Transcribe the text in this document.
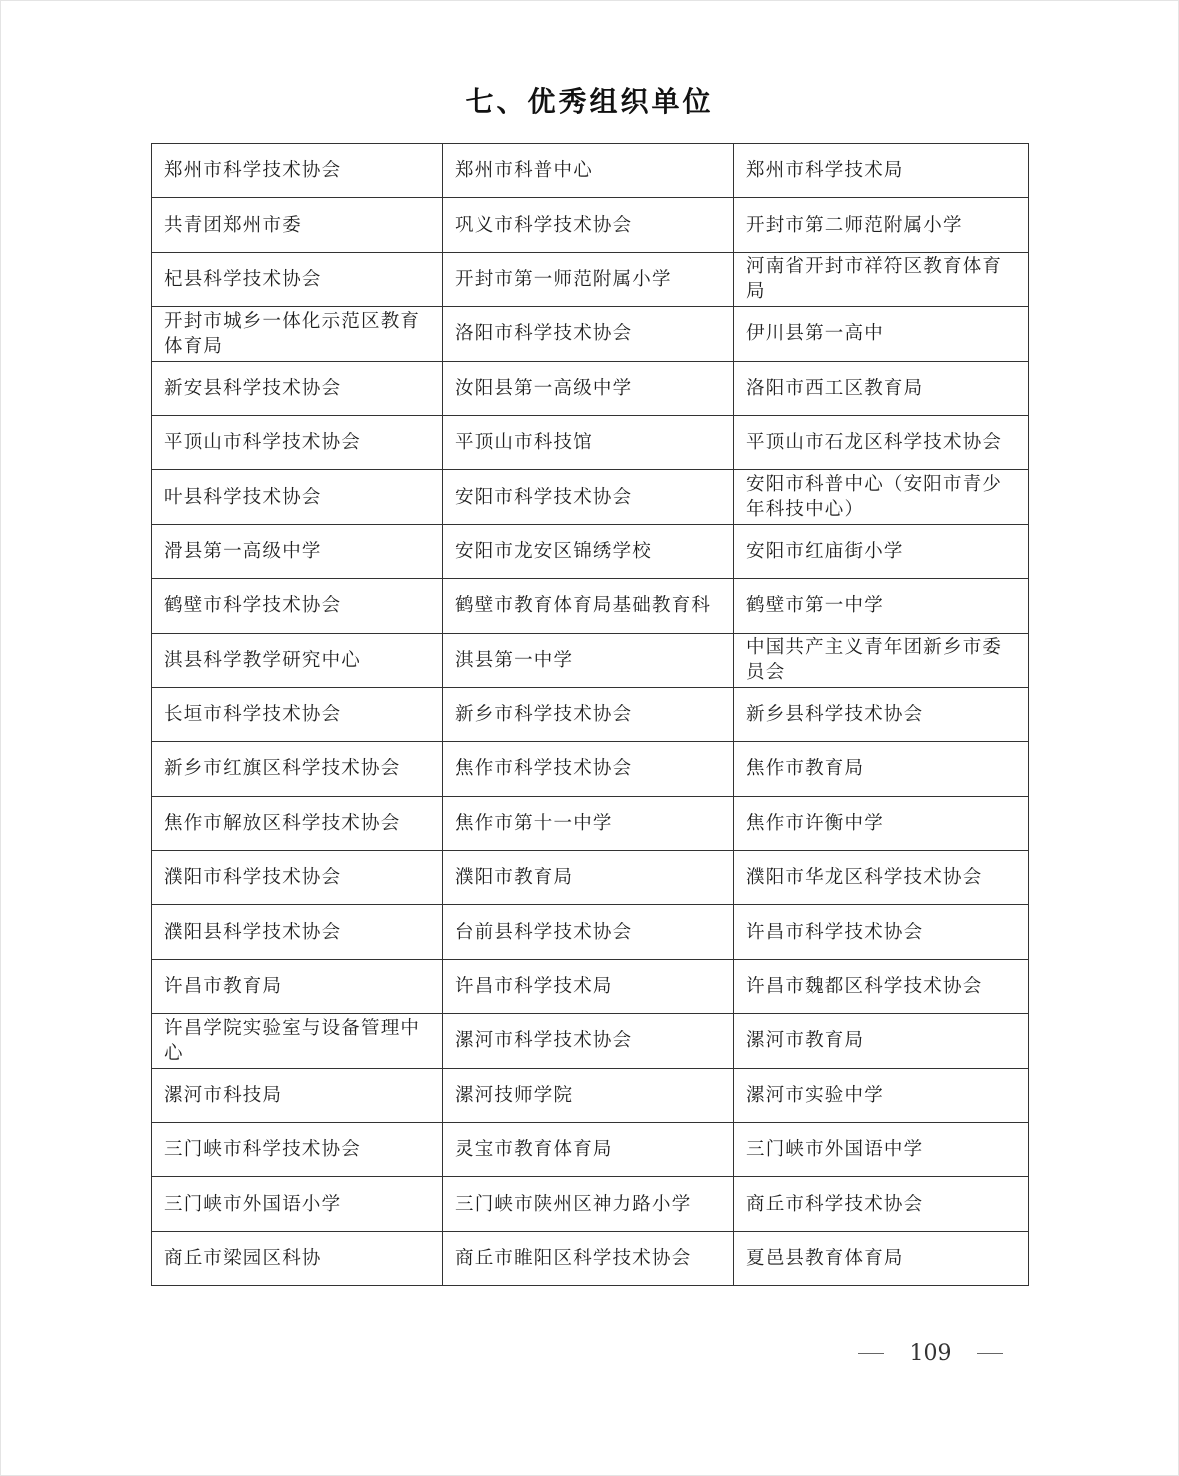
七、优秀组织单位
郑州市科学技术协会	郑州市科普中心	郑州市科学技术局
共青团郑州市委	巩义市科学技术协会	开封市第二师范附属小学
杞县科学技术协会	开封市第一师范附属小学	河南省开封市祥符区教育体育局
开封市城乡一体化示范区教育体育局	洛阳市科学技术协会	伊川县第一高中
新安县科学技术协会	汝阳县第一高级中学	洛阳市西工区教育局
平顶山市科学技术协会	平顶山市科技馆	平顶山市石龙区科学技术协会
叶县科学技术协会	安阳市科学技术协会	安阳市科普中心（安阳市青少年科技中心）
滑县第一高级中学	安阳市龙安区锦绣学校	安阳市红庙街小学
鹤壁市科学技术协会	鹤壁市教育体育局基础教育科	鹤壁市第一中学
淇县科学教学研究中心	淇县第一中学	中国共产主义青年团新乡市委员会
长垣市科学技术协会	新乡市科学技术协会	新乡县科学技术协会
新乡市红旗区科学技术协会	焦作市科学技术协会	焦作市教育局
焦作市解放区科学技术协会	焦作市第十一中学	焦作市许衡中学
濮阳市科学技术协会	濮阳市教育局	濮阳市华龙区科学技术协会
濮阳县科学技术协会	台前县科学技术协会	许昌市科学技术协会
许昌市教育局	许昌市科学技术局	许昌市魏都区科学技术协会
许昌学院实验室与设备管理中心	漯河市科学技术协会	漯河市教育局
漯河市科技局	漯河技师学院	漯河市实验中学
三门峡市科学技术协会	灵宝市教育体育局	三门峡市外国语中学
三门峡市外国语小学	三门峡市陕州区神力路小学	商丘市科学技术协会
商丘市梁园区科协	商丘市睢阳区科学技术协会	夏邑县教育体育局
109
